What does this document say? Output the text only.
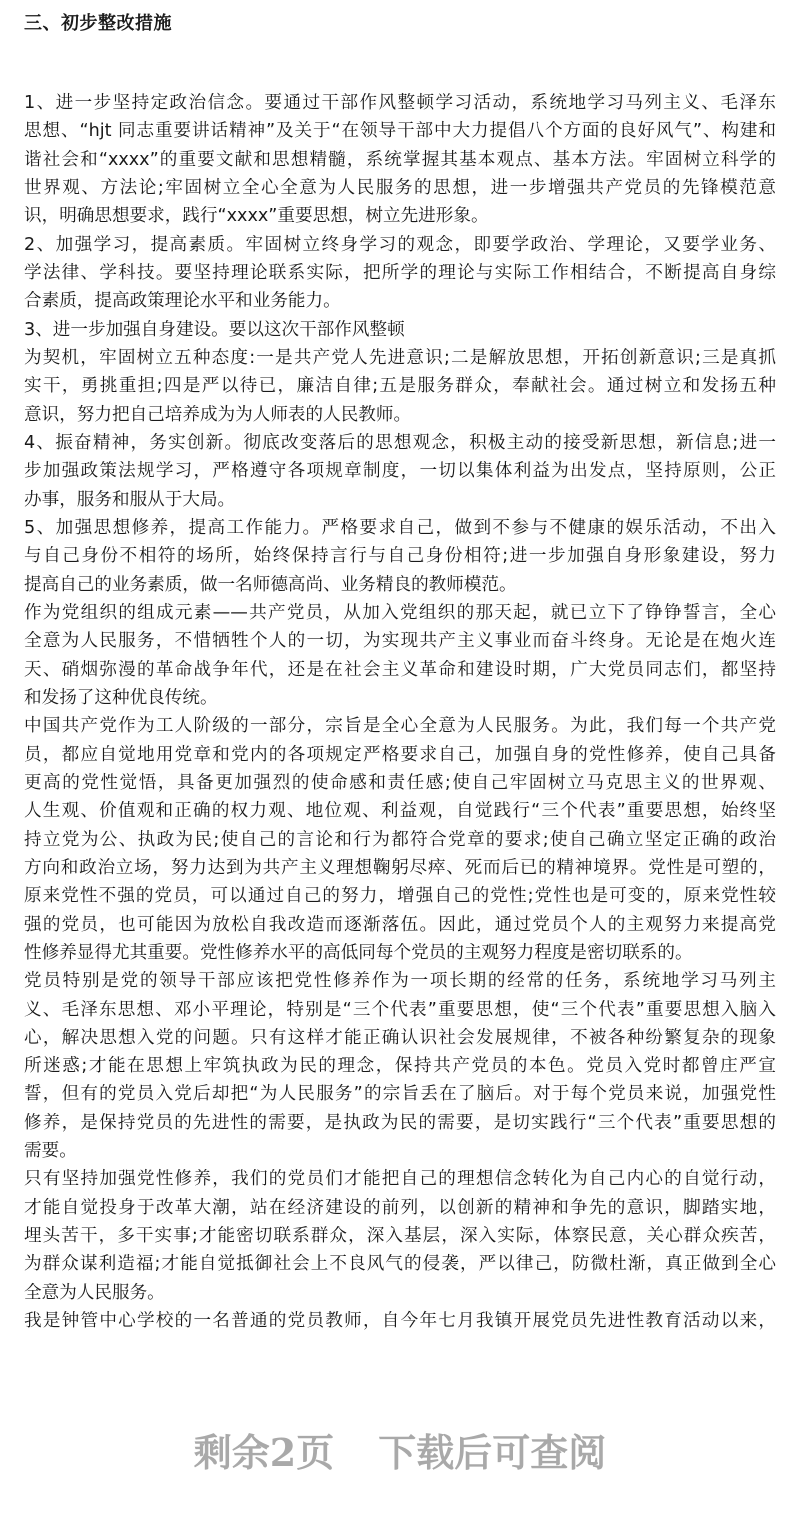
三、初步整改措施
1、进一步坚持定政治信念。要通过干部作风整顿学习活动，系统地学习马列主义、毛泽东
思想、“hjt 同志重要讲话精神”及关于“在领导干部中大力提倡八个方面的良好风气”、构建和
谐社会和“xxxx”的重要文献和思想精髓，系统掌握其基本观点、基本方法。牢固树立科学的
世界观、方法论;牢固树立全心全意为人民服务的思想，进一步增强共产党员的先锋模范意
识，明确思想要求，践行“xxxx”重要思想，树立先进形象。
2、加强学习，提高素质。牢固树立终身学习的观念，即要学政治、学理论，又要学业务、
学法律、学科技。要坚持理论联系实际，把所学的理论与实际工作相结合，不断提高自身综
合素质，提高政策理论水平和业务能力。
3、进一步加强自身建设。要以这次干部作风整顿
为契机，牢固树立五种态度:一是共产党人先进意识;二是解放思想，开拓创新意识;三是真抓
实干，勇挑重担;四是严以待已，廉洁自律;五是服务群众，奉献社会。通过树立和发扬五种
意识，努力把自己培养成为为人师表的人民教师。
4、振奋精神，务实创新。彻底改变落后的思想观念，积极主动的接受新思想，新信息;进一
步加强政策法规学习，严格遵守各项规章制度，一切以集体利益为出发点，坚持原则，公正
办事，服务和服从于大局。
5、加强思想修养，提高工作能力。严格要求自己，做到不参与不健康的娱乐活动，不出入
与自己身份不相符的场所，始终保持言行与自己身份相符;进一步加强自身形象建设，努力
提高自己的业务素质，做一名师德高尚、业务精良的教师模范。
作为党组织的组成元素——共产党员，从加入党组织的那天起，就已立下了铮铮誓言，全心
全意为人民服务，不惜牺牲个人的一切，为实现共产主义事业而奋斗终身。无论是在炮火连
天、硝烟弥漫的革命战争年代，还是在社会主义革命和建设时期，广大党员同志们，都坚持
和发扬了这种优良传统。
中国共产党作为工人阶级的一部分，宗旨是全心全意为人民服务。为此，我们每一个共产党
员，都应自觉地用党章和党内的各项规定严格要求自己，加强自身的党性修养，使自己具备
更高的党性觉悟，具备更加强烈的使命感和责任感;使自己牢固树立马克思主义的世界观、
人生观、价值观和正确的权力观、地位观、利益观，自觉践行“三个代表”重要思想，始终坚
持立党为公、执政为民;使自己的言论和行为都符合党章的要求;使自己确立坚定正确的政治
方向和政治立场，努力达到为共产主义理想鞠躬尽瘁、死而后已的精神境界。党性是可塑的，
原来党性不强的党员，可以通过自己的努力，增强自己的党性;党性也是可变的，原来党性较
强的党员，也可能因为放松自我改造而逐渐落伍。因此，通过党员个人的主观努力来提高党
性修养显得尤其重要。党性修养水平的高低同每个党员的主观努力程度是密切联系的。
党员特别是党的领导干部应该把党性修养作为一项长期的经常的任务，系统地学习马列主
义、毛泽东思想、邓小平理论，特别是“三个代表”重要思想，使“三个代表”重要思想入脑入
心，解决思想入党的问题。只有这样才能正确认识社会发展规律，不被各种纷繁复杂的现象
所迷惑;才能在思想上牢筑执政为民的理念，保持共产党员的本色。党员入党时都曾庄严宣
誓，但有的党员入党后却把“为人民服务”的宗旨丢在了脑后。对于每个党员来说，加强党性
修养，是保持党员的先进性的需要，是执政为民的需要，是切实践行“三个代表”重要思想的
需要。
只有坚持加强党性修养，我们的党员们才能把自己的理想信念转化为自己内心的自觉行动，
才能自觉投身于改革大潮，站在经济建设的前列，以创新的精神和争先的意识，脚踏实地，
埋头苦干，多干实事;才能密切联系群众，深入基层，深入实际，体察民意，关心群众疾苦，
为群众谋利造福;才能自觉抵御社会上不良风气的侵袭，严以律己，防微杜渐，真正做到全心
全意为人民服务。
我是钟管中心学校的一名普通的党员教师，自今年七月我镇开展党员先进性教育活动以来，
剩余2页 下载后可查阅
